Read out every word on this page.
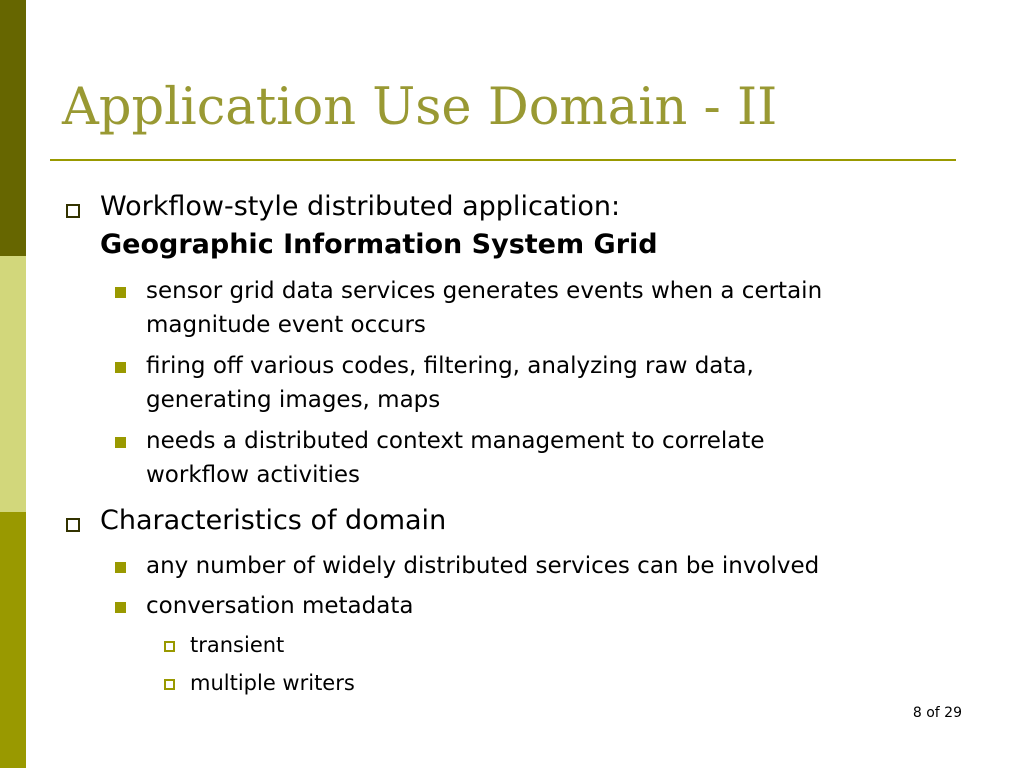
Application Use Domain - II
Workflow-style distributed application:
Geographic Information System Grid
sensor grid data services generates events when a certain
magnitude event occurs
firing off various codes, filtering, analyzing raw data,
generating images, maps
needs a distributed context management to correlate
workflow activities
Characteristics of domain
any number of widely distributed services can be involved
conversation metadata
transient
multiple writers
8 of 29
